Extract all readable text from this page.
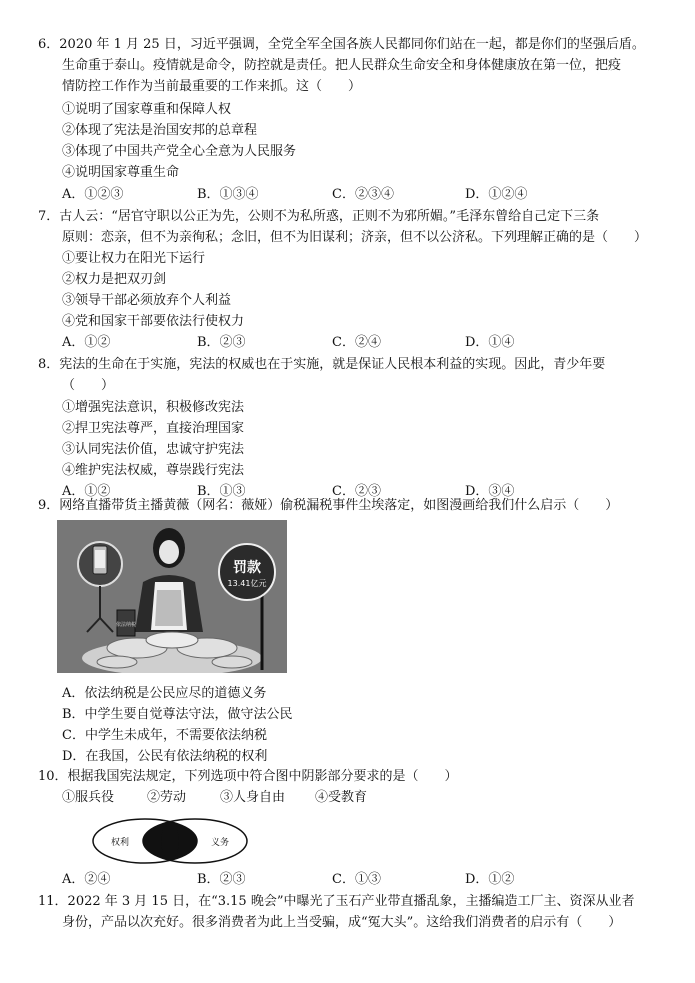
6．2020 年 1 月 25 日，习近平强调，全党全军全国各族人民都同你们站在一起，都是你们的坚强后盾。
生命重于泰山。疫情就是命令，防控就是责任。把人民群众生命安全和身体健康放在第一位，把疫
情防控工作作为当前最重要的工作来抓。这（　　）
①说明了国家尊重和保障人权
②体现了宪法是治国安邦的总章程
③体现了中国共产党全心全意为人民服务
④说明国家尊重生命
A．①②③	B．①③④	C．②③④	D．①②④
7．古人云：“居官守职以公正为先，公则不为私所惑，正则不为邪所媚。”毛泽东曾给自己定下三条
原则：恋亲，但不为亲徇私；念旧，但不为旧谋利；济亲，但不以公济私。下列理解正确的是（　　）
①要让权力在阳光下运行
②权力是把双刃剑
③领导干部必须放弃个人利益
④党和国家干部要依法行使权力
A．①②	B．②③	C．②④	D．①④
8．宪法的生命在于实施，宪法的权威也在于实施，就是保证人民根本利益的实现。因此，青少年要
（　　）
①增强宪法意识，积极修改宪法
②捍卫宪法尊严，直接治理国家
③认同宪法价值，忠诚守护宪法
④维护宪法权威，尊崇践行宪法
A．①②	B．①③	C．②③	D．③④
9．网络直播带货主播黄薇（网名：薇娅）偷税漏税事件尘埃落定，如图漫画给我们什么启示（　　）
依法纳税
罚款
13.41亿元
A．依法纳税是公民应尽的道德义务
B．中学生要自觉尊法守法，做守法公民
C．中学生未成年，不需要依法纳税
D．在我国，公民有依法纳税的权利
10．根据我国宪法规定，下列选项中符合图中阴影部分要求的是（　　）
①服兵役	②劳动	③人身自由 ④受教育
权利	义务
A．②④	B．②③	C．①③	D．①②
11．2022 年 3 月 15 日，在“3.15 晚会”中曝光了玉石产业带直播乱象，主播编造工厂主、资深从业者
身份，产品以次充好。很多消费者为此上当受骗，成“冤大头”。这给我们消费者的启示有（　　）
